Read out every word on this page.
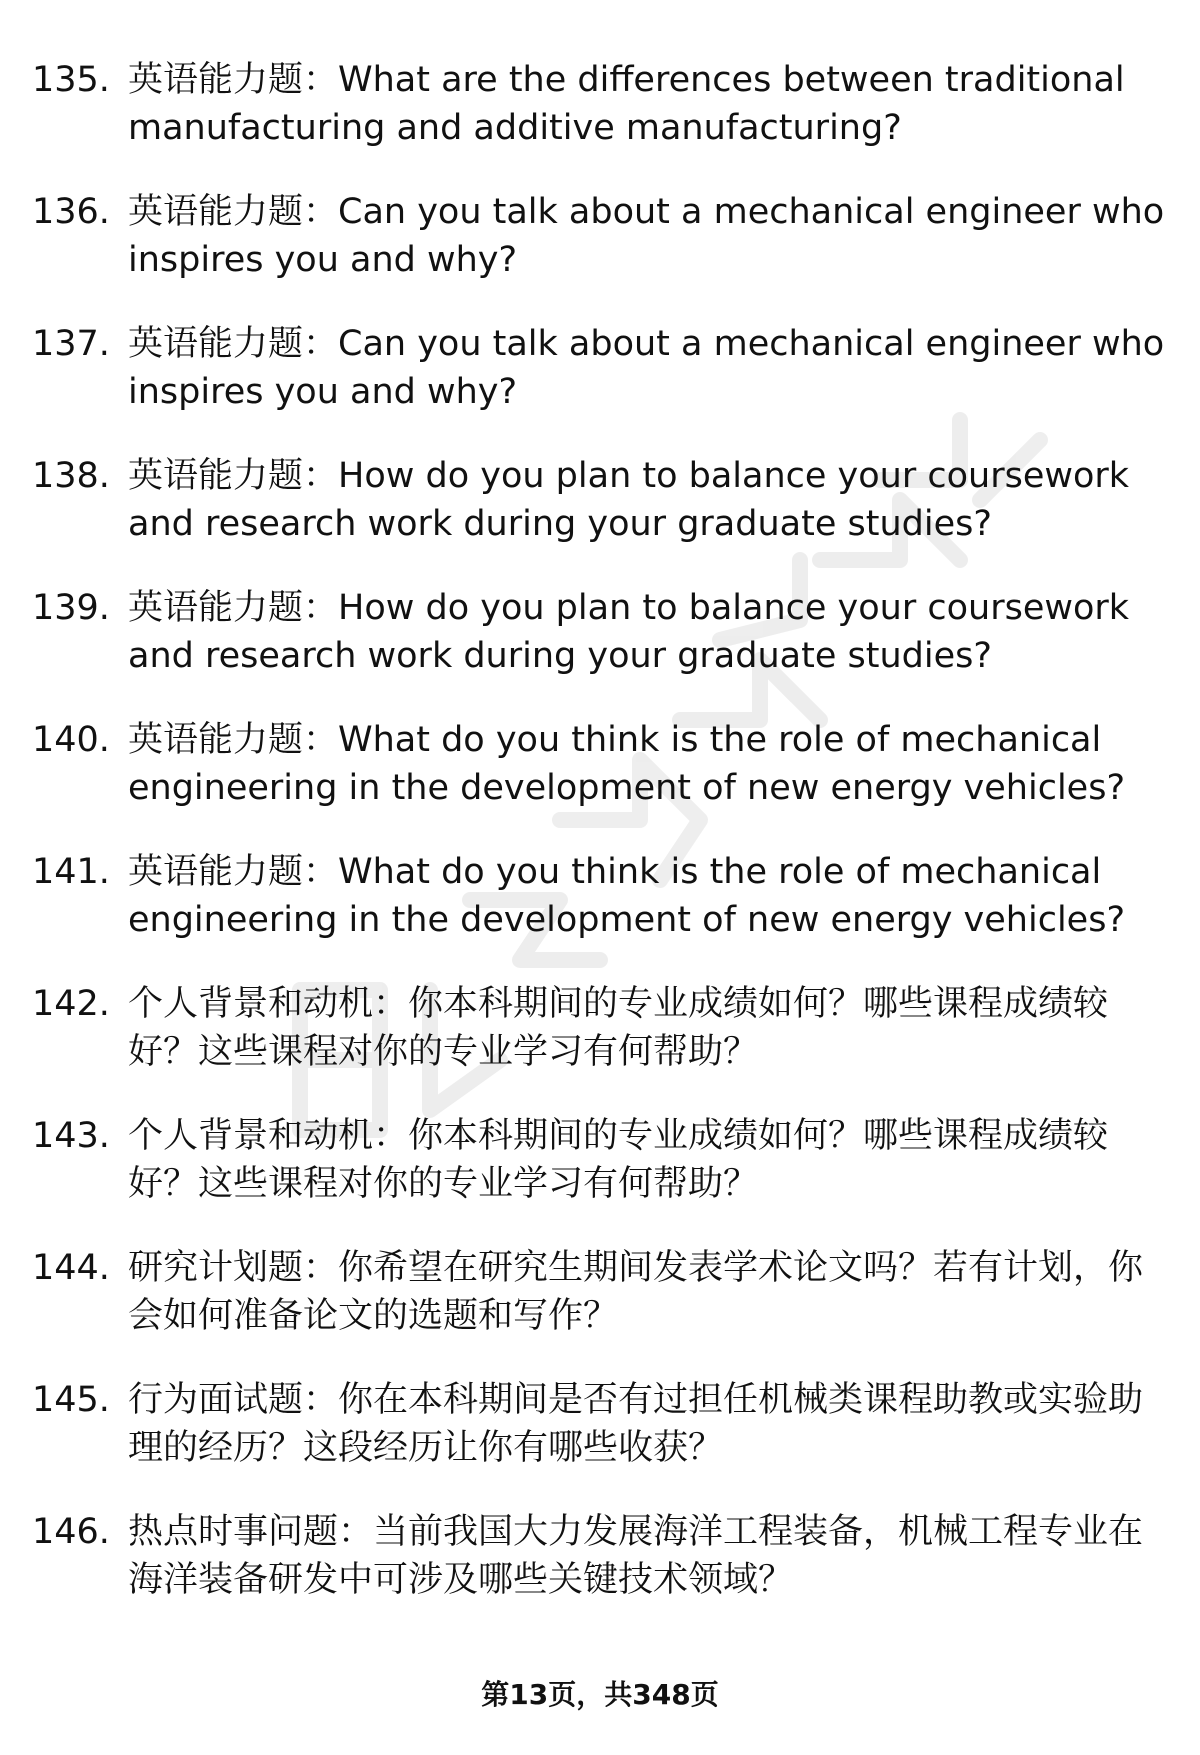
135. 英语能力题：What are the differences between traditional manufacturing and additive manufacturing?
136. 英语能力题：Can you talk about a mechanical engineer who inspires you and why?
137. 英语能力题：Can you talk about a mechanical engineer who inspires you and why?
138. 英语能力题：How do you plan to balance your coursework and research work during your graduate studies?
139. 英语能力题：How do you plan to balance your coursework and research work during your graduate studies?
140. 英语能力题：What do you think is the role of mechanical engineering in the development of new energy vehicles?
141. 英语能力题：What do you think is the role of mechanical engineering in the development of new energy vehicles?
142. 个人背景和动机：你本科期间的专业成绩如何？哪些课程成绩较好？这些课程对你的专业学习有何帮助？
143. 个人背景和动机：你本科期间的专业成绩如何？哪些课程成绩较好？这些课程对你的专业学习有何帮助？
144. 研究计划题：你希望在研究生期间发表学术论文吗？若有计划，你会如何准备论文的选题和写作？
145. 行为面试题：你在本科期间是否有过担任机械类课程助教或实验助理的经历？这段经历让你有哪些收获？
146. 热点时事问题：当前我国大力发展海洋工程装备，机械工程专业在海洋装备研发中可涉及哪些关键技术领域？
第13页，共348页
